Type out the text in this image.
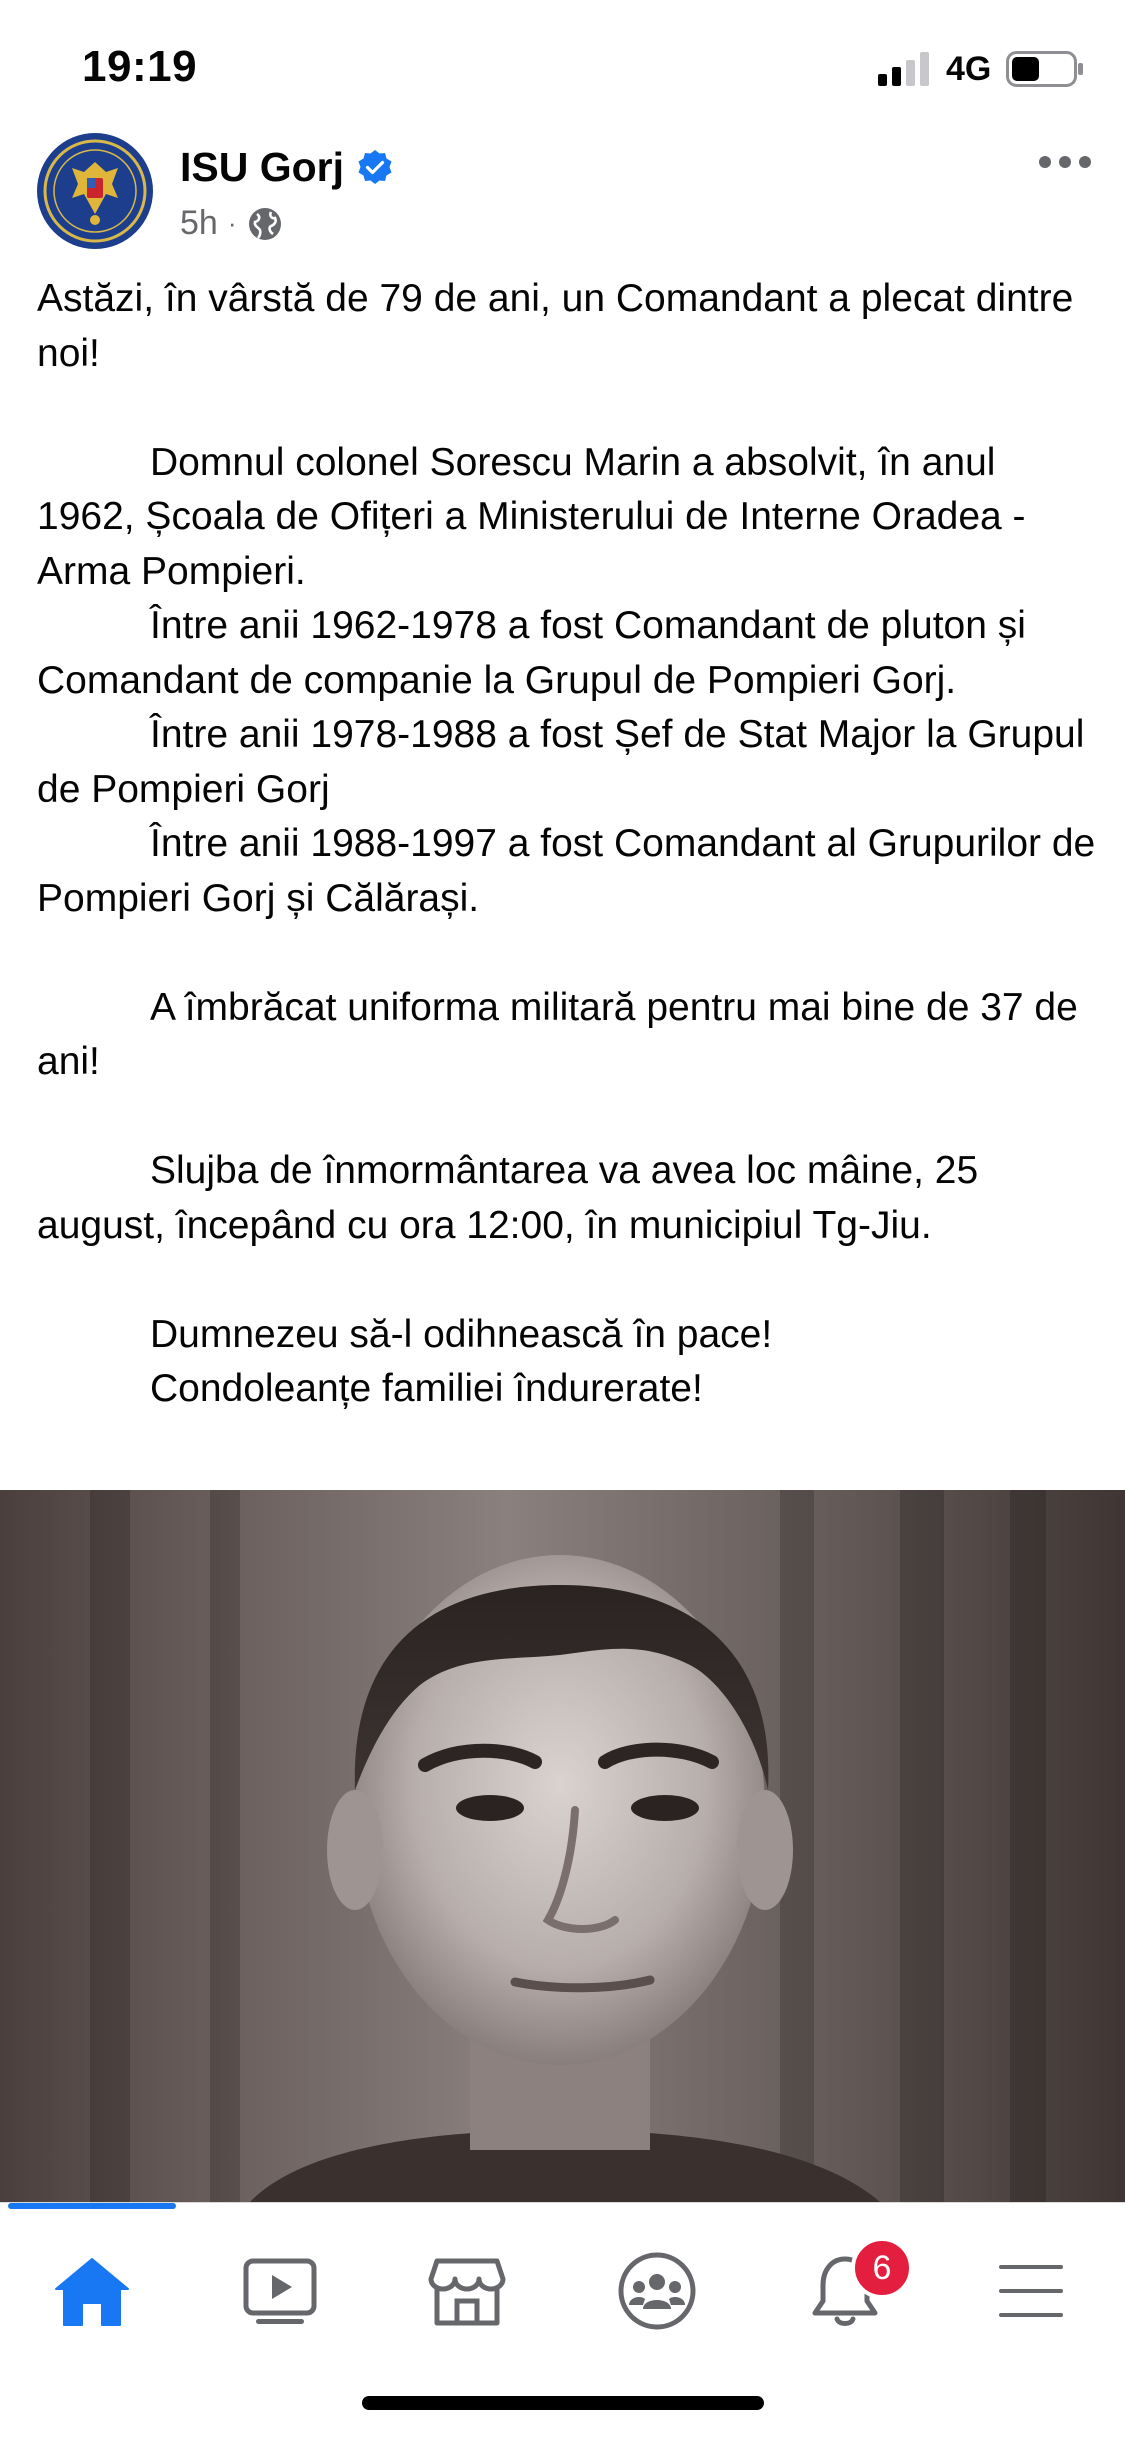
19:19	4G
ISU Gorj
5h ·

Astăzi, în vârstă de 79 de ani, un Comandant a plecat dintre noi!

Domnul colonel Sorescu Marin a absolvit, în anul 1962, Școala de Ofițeri a Ministerului de Interne Oradea - Arma Pompieri.

Între anii 1962-1978 a fost Comandant de pluton și Comandant de companie la Grupul de Pompieri Gorj.

Între anii 1978-1988 a fost Șef de Stat Major la Grupul de Pompieri Gorj

Între anii 1988-1997 a fost Comandant al Grupurilor de Pompieri Gorj și Călărași.

A îmbrăcat uniforma militară pentru mai bine de 37 de ani!

Slujba de înmormântarea va avea loc mâine, 25 august, începând cu ora 12:00, în municipiul Tg-Jiu.

Dumnezeu să-l odihnească în pace!

Condoleanțe familiei îndurerate!

6
